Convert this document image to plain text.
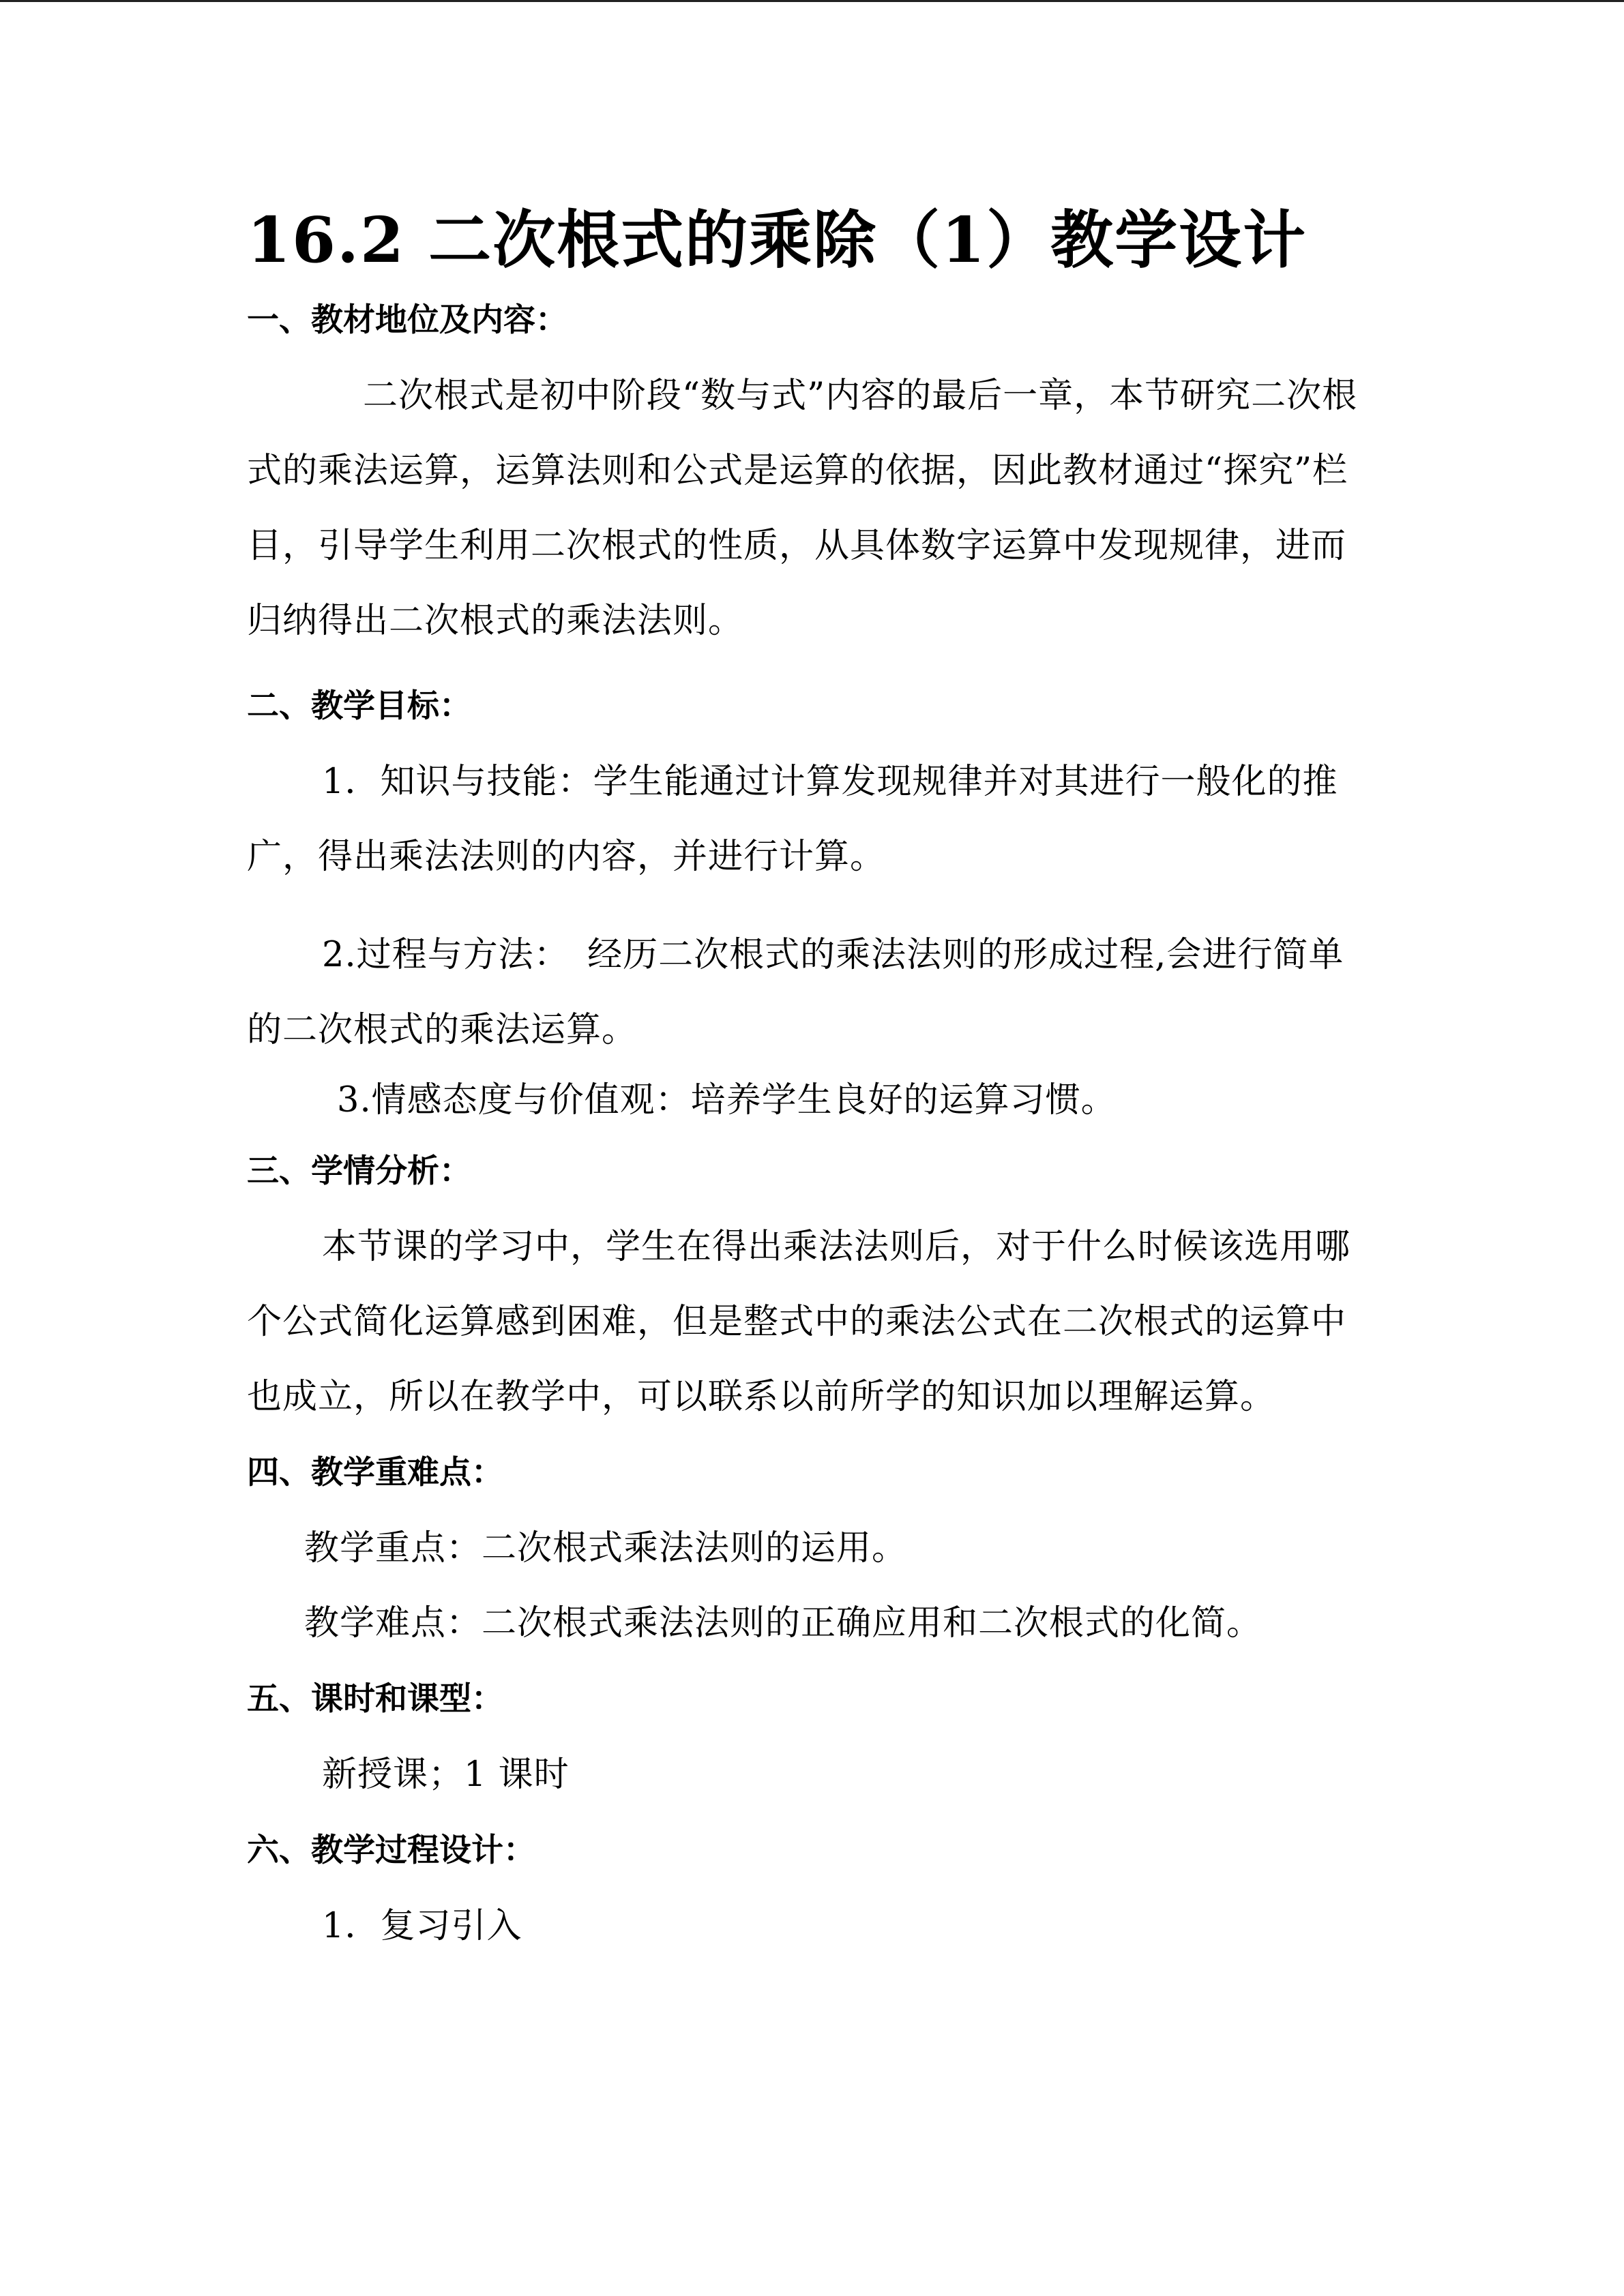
16.2 二次根式的乘除（1）教学设计
一、教材地位及内容：

二次根式是初中阶段“数与式”内容的最后一章，本节研究二次根式的乘法运算，运算法则和公式是运算的依据，因此教材通过“探究”栏目，引导学生利用二次根式的性质，从具体数字运算中发现规律，进而归纳得出二次根式的乘法法则。

二、教学目标：

1．知识与技能：学生能通过计算发现规律并对其进行一般化的推广，得出乘法法则的内容，并进行计算。

2.过程与方法：　经历二次根式的乘法法则的形成过程,会进行简单的二次根式的乘法运算。

3.情感态度与价值观：培养学生良好的运算习惯。

三、学情分析：

本节课的学习中，学生在得出乘法法则后，对于什么时候该选用哪个公式简化运算感到困难，但是整式中的乘法公式在二次根式的运算中也成立，所以在教学中，可以联系以前所学的知识加以理解运算。

四、教学重难点：

教学重点：二次根式乘法法则的运用。

教学难点：二次根式乘法法则的正确应用和二次根式的化简。

五、课时和课型：

新授课；1 课时

六、教学过程设计：

1．复习引入
